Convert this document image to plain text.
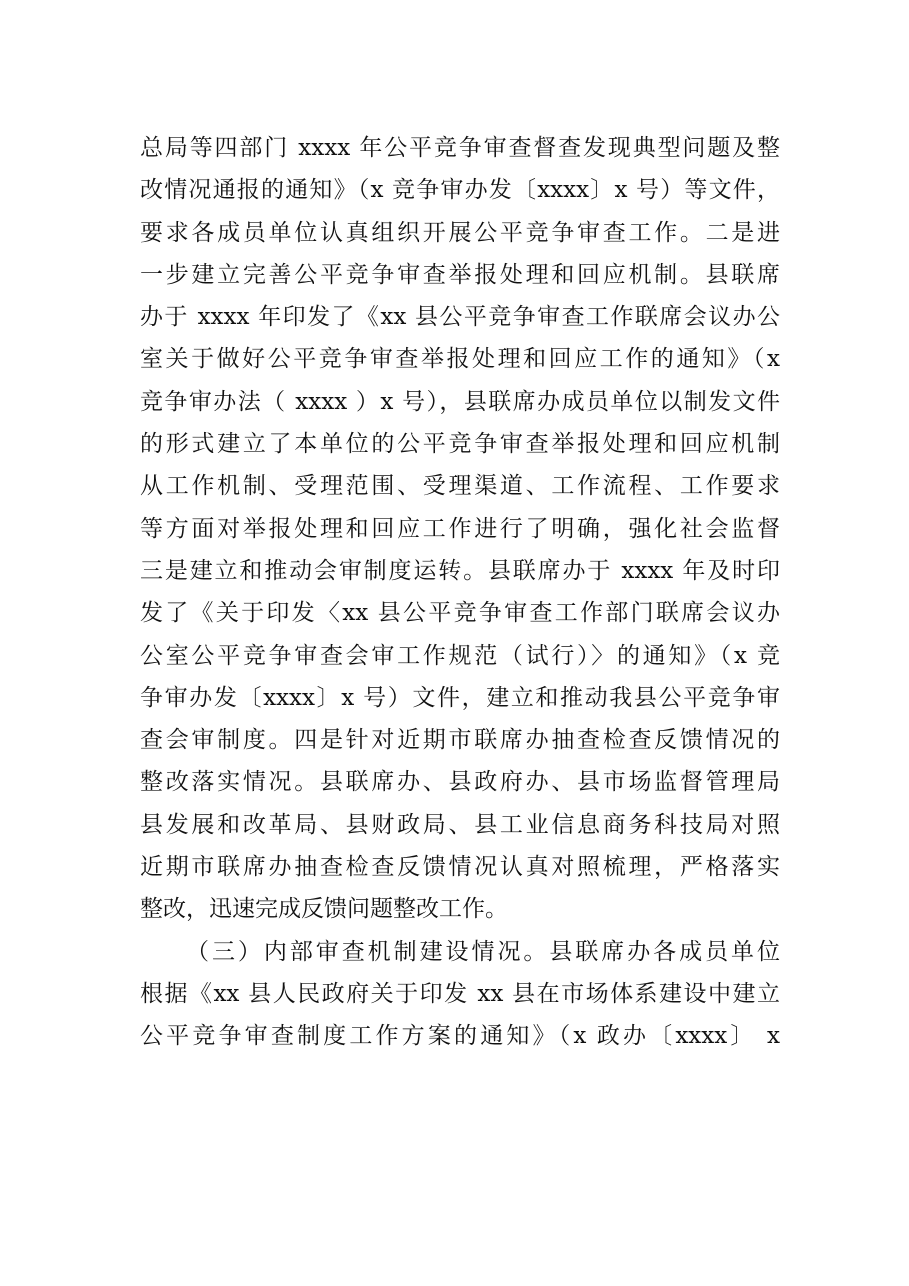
总局等四部门 xxxx 年公平竞争审查督查发现典型问题及整
改情况通报的通知》（x 竞争审办发〔xxxx〕x 号）等文件，
要求各成员单位认真组织开展公平竞争审查工作。二是进
一步建立完善公平竞争审查举报处理和回应机制。县联席
办于 xxxx 年印发了《xx 县公平竞争审查工作联席会议办公
室关于做好公平竞争审查举报处理和回应工作的通知》（x
竞争审办法（ xxxx ）x 号），县联席办成员单位以制发文件
的形式建立了本单位的公平竞争审查举报处理和回应机制
从工作机制、受理范围、受理渠道、工作流程、工作要求
等方面对举报处理和回应工作进行了明确，强化社会监督
三是建立和推动会审制度运转。县联席办于 xxxx 年及时印
发了《关于印发〈xx 县公平竞争审查工作部门联席会议办
公室公平竞争审查会审工作规范（试行）〉的通知》（x 竞
争审办发〔xxxx〕x 号）文件，建立和推动我县公平竞争审
查会审制度。四是针对近期市联席办抽查检查反馈情况的
整改落实情况。县联席办、县政府办、县市场监督管理局
县发展和改革局、县财政局、县工业信息商务科技局对照
近期市联席办抽查检查反馈情况认真对照梳理，严格落实
整改，迅速完成反馈问题整改工作。
（三）内部审查机制建设情况。县联席办各成员单位
根据《xx 县人民政府关于印发 xx 县在市场体系建设中建立
公平竞争审查制度工作方案的通知》（x 政办〔xxxx〕 x
